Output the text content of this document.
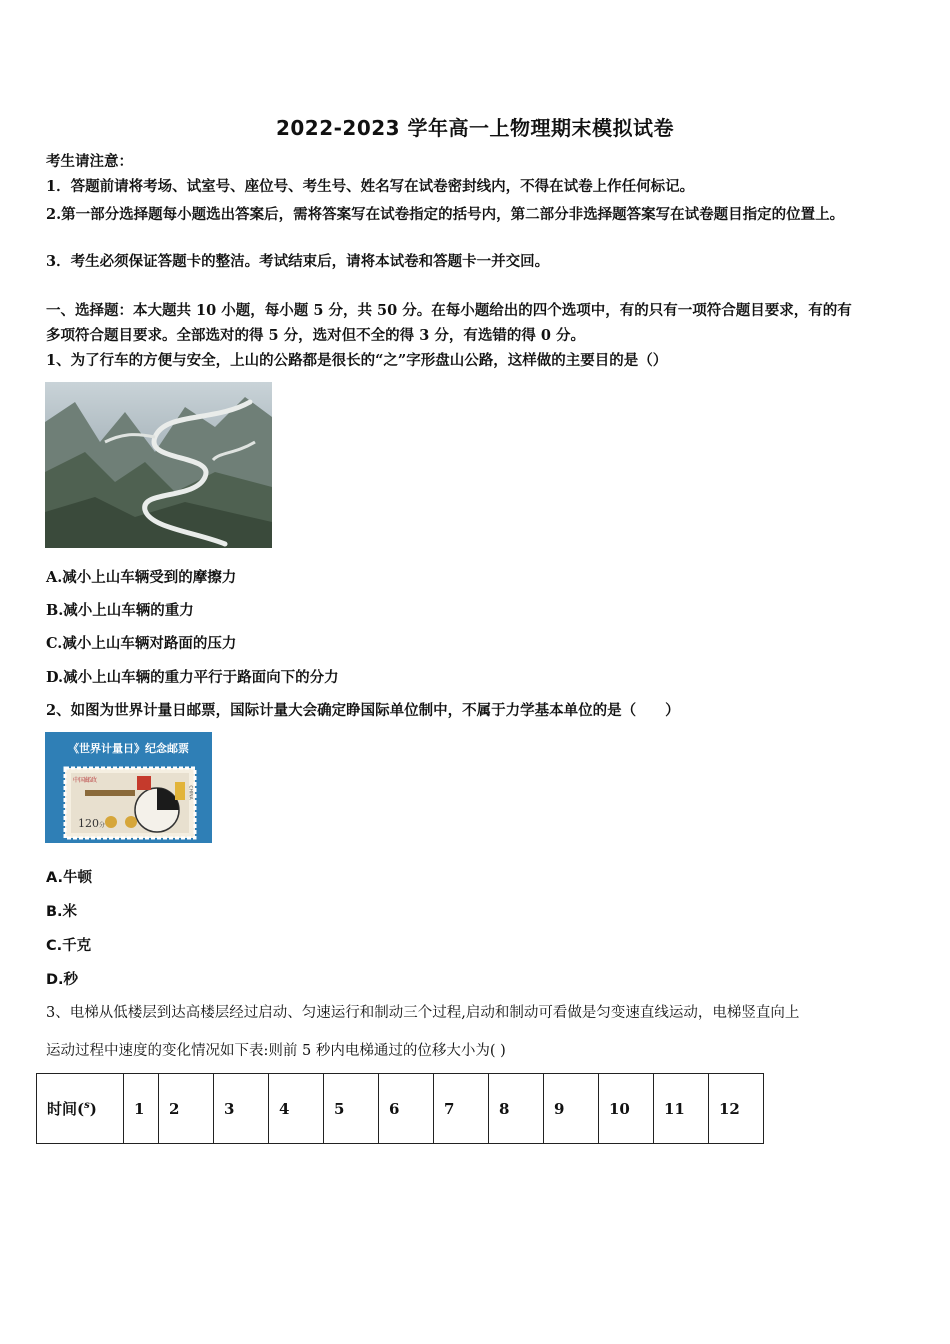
2022-2023 学年高一上物理期末模拟试卷
考生请注意：
1．答题前请将考场、试室号、座位号、考生号、姓名写在试卷密封线内，不得在试卷上作任何标记。
2.第一部分选择题每小题选出答案后，需将答案写在试卷指定的括号内，第二部分非选择题答案写在试卷题目指定的位置上。
3．考生必须保证答题卡的整洁。考试结束后，请将本试卷和答题卡一并交回。
一、选择题：本大题共 10 小题，每小题 5 分，共 50 分。在每小题给出的四个选项中，有的只有一项符合题目要求，有的有
多项符合题目要求。全部选对的得 5 分，选对但不全的得 3 分，有选错的得 0 分。
1、为了行车的方便与安全，上山的公路都是很长的“之”字形盘山公路，这样做的主要目的是（）
A.减小上山车辆受到的摩擦力
B.减小上山车辆的重力
C.减小上山车辆对路面的压力
D.减小上山车辆的重力平行于路面向下的分力
2、如图为世界计量日邮票，国际计量大会确定睁国际单位制中，不属于力学基本单位的是（　　）
《世界计量日》纪念邮票
中国邮政
CHINA
120分
A.牛顿
B.米
C.千克
D.秒
3、电梯从低楼层到达高楼层经过启动、匀速运行和制动三个过程,启动和制动可看做是匀变速直线运动，电梯竖直向上
运动过程中速度的变化情况如下表:则前 5 秒内电梯通过的位移大小为( )
时间($^s$)	1	2	3	4	5	6	7	8	9	10	11	12
